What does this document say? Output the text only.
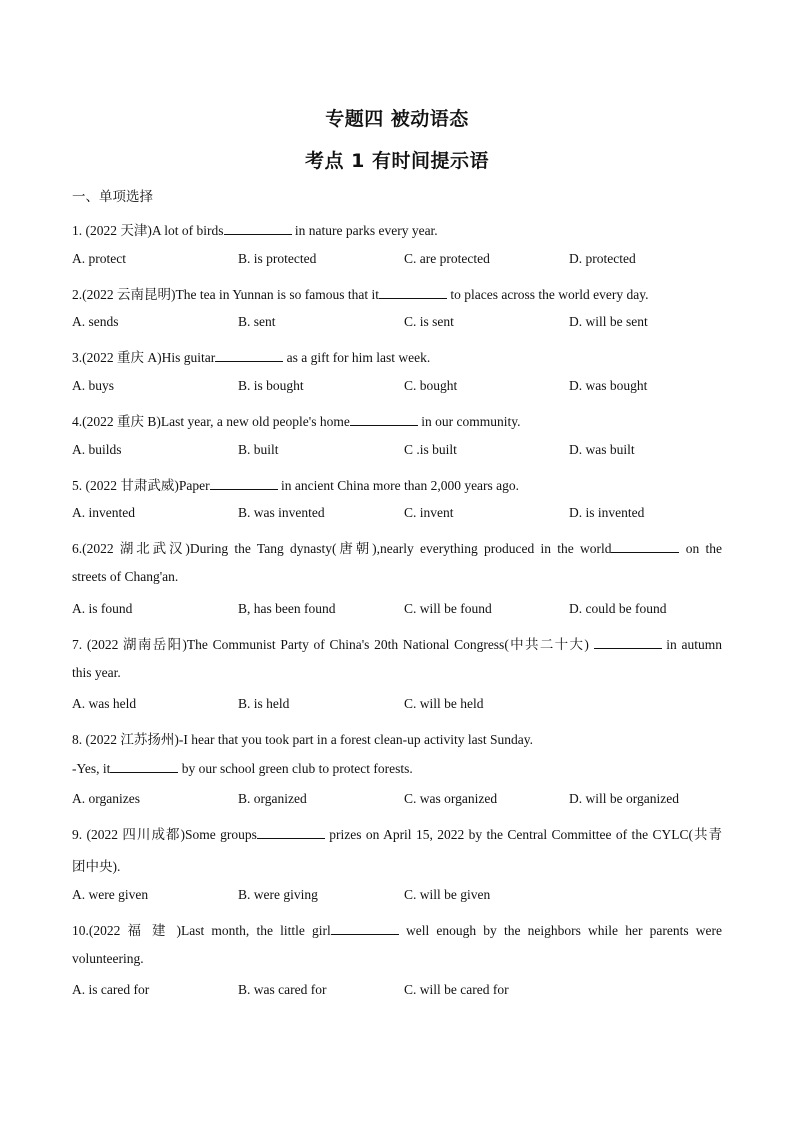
专题四 被动语态
考点 1 有时间提示语
一、单项选择
1. (2022 天津)A lot of birds	in nature parks every year.
A. protect	B. is protected	C. are protected	D. protected
2.(2022 云南昆明)The tea in Yunnan is so famous that it	to places across the world every day.
A. sends	B. sent	C. is sent	D. will be sent
3.(2022 重庆 A)His guitar	as a gift for him last week.
A. buys	B. is bought	C. bought	D. was bought
4.(2022 重庆 B)Last year, a new old people's home	in our community.
A. builds	B. built	C .is built	D. was built
5. (2022 甘肃武威)Paper	in ancient China more than 2,000 years ago.
A. invented	B. was invented	C. invent	D. is invented
6.(2022 湖北武汉)During the Tang dynasty(唐朝),nearly everything produced in the world	on the
streets of Chang'an.
A. is found	B, has been found	C. will be found	D. could be found
7. (2022 湖南岳阳)The Communist Party of China's 20th National Congress(中共二十大)	in autumn
this year.
A. was held	B. is held	C. will be held
8. (2022 江苏扬州)-I hear that you took part in a forest clean-up activity last Sunday.
-Yes, it	by our school green club to protect forests.
A. organizes	B. organized	C. was organized	D. will be organized
9. (2022 四川成都)Some groups	prizes on April 15, 2022 by the Central Committee of the CYLC(共青
团中央).
A. were given	B. were giving	C. will be given
10.(2022 福 建 )Last month, the little girl	well enough by the neighbors while her parents were
volunteering.
A. is cared for	B. was cared for	C. will be cared for
